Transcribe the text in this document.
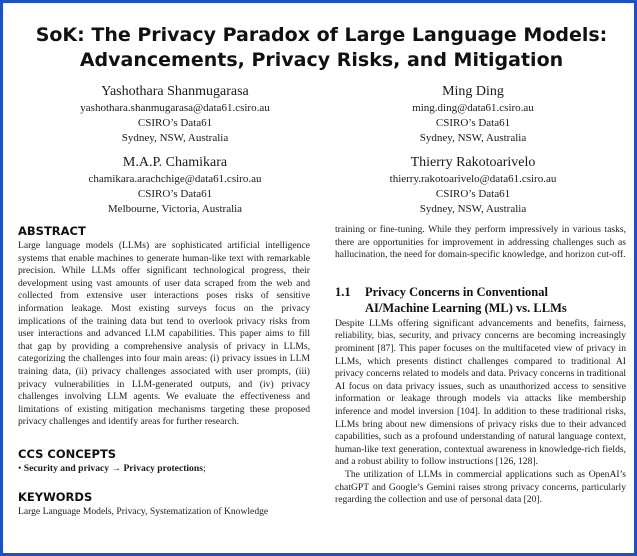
SoK: The Privacy Paradox of Large Language Models:
Advancements, Privacy Risks, and Mitigation
Yashothara Shanmugarasa
yashothara.shanmugarasa@data61.csiro.au
CSIRO’s Data61
Sydney, NSW, Australia
Ming Ding
ming.ding@data61.csiro.au
CSIRO’s Data61
Sydney, NSW, Australia
M.A.P. Chamikara
chamikara.arachchige@data61.csiro.au
CSIRO’s Data61
Melbourne, Victoria, Australia
Thierry Rakotoarivelo
thierry.rakotoarivelo@data61.csiro.au
CSIRO’s Data61
Sydney, NSW, Australia
ABSTRACT

Large language models (LLMs) are sophisticated artificial intelligence systems that enable machines to generate human-like text with remarkable precision. While LLMs offer significant technological progress, their development using vast amounts of user data scraped from the web and collected from extensive user interactions poses risks of sensitive information leakage. Most existing surveys focus on the privacy implications of the training data but tend to overlook privacy risks from user interactions and advanced LLM capabilities. This paper aims to fill that gap by providing a comprehensive analysis of privacy in LLMs, categorizing the challenges into four main areas: (i) privacy issues in LLM training data, (ii) privacy challenges associated with user prompts, (iii) privacy vulnerabilities in LLM-generated outputs, and (iv) privacy challenges involving LLM agents. We evaluate the effectiveness and limitations of existing mitigation mechanisms targeting these proposed privacy challenges and identify areas for further research.

CCS CONCEPTS

• Security and privacy → Privacy protections;

KEYWORDS

Large Language Models, Privacy, Systematization of Knowledge

training or fine-tuning. While they perform impressively in various tasks, there are opportunities for improvement in addressing challenges such as hallucination, the need for domain-specific knowledge, and horizon cut-off.

1.1 Privacy Concerns in Conventional
AI/Machine Learning (ML) vs. LLMs

Despite LLMs offering significant advancements and benefits, fairness, reliability, bias, security, and privacy concerns are becoming increasingly prominent [87]. This paper focuses on the multifaceted view of privacy in LLMs, which presents distinct challenges compared to traditional AI privacy concerns related to models and data. Privacy concerns in traditional AI focus on data privacy issues, such as unauthorized access to sensitive information or leakage through models via attacks like membership inference and model inversion [104]. In addition to these traditional risks, LLMs bring about new dimensions of privacy risks due to their advanced capabilities, such as a profound understanding of natural language context, human-like text generation, contextual awareness in knowledge-rich fields, and a robust ability to follow instructions [126, 128].

The utilization of LLMs in commercial applications such as OpenAI’s chatGPT and Google’s Gemini raises strong privacy concerns, particularly regarding the collection and use of personal data [20].
